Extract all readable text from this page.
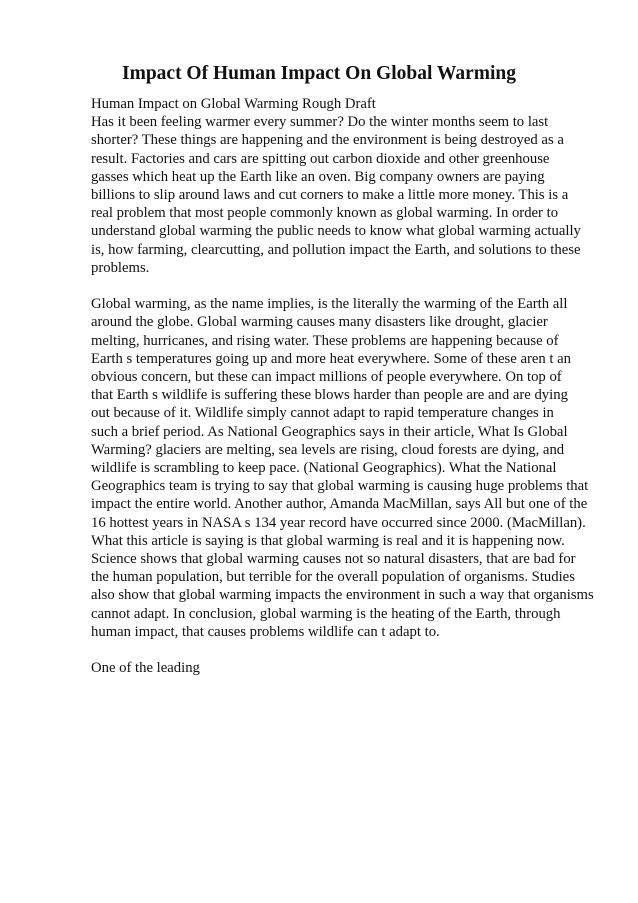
Impact Of Human Impact On Global Warming
Human Impact on Global Warming Rough Draft
Has it been feeling warmer every summer? Do the winter months seem to last
shorter? These things are happening and the environment is being destroyed as a
result. Factories and cars are spitting out carbon dioxide and other greenhouse
gasses which heat up the Earth like an oven. Big company owners are paying
billions to slip around laws and cut corners to make a little more money. This is a
real problem that most people commonly known as global warming. In order to
understand global warming the public needs to know what global warming actually
is, how farming, clearcutting, and pollution impact the Earth, and solutions to these
problems.
Global warming, as the name implies, is the literally the warming of the Earth all
around the globe. Global warming causes many disasters like drought, glacier
melting, hurricanes, and rising water. These problems are happening because of
Earth s temperatures going up and more heat everywhere. Some of these aren t an
obvious concern, but these can impact millions of people everywhere. On top of
that Earth s wildlife is suffering these blows harder than people are and are dying
out because of it. Wildlife simply cannot adapt to rapid temperature changes in
such a brief period. As National Geographics says in their article, What Is Global
Warming? glaciers are melting, sea levels are rising, cloud forests are dying, and
wildlife is scrambling to keep pace. (National Geographics). What the National
Geographics team is trying to say that global warming is causing huge problems that
impact the entire world. Another author, Amanda MacMillan, says All but one of the
16 hottest years in NASA s 134 year record have occurred since 2000. (MacMillan).
What this article is saying is that global warming is real and it is happening now.
Science shows that global warming causes not so natural disasters, that are bad for
the human population, but terrible for the overall population of organisms. Studies
also show that global warming impacts the environment in such a way that organisms
cannot adapt. In conclusion, global warming is the heating of the Earth, through
human impact, that causes problems wildlife can t adapt to.
One of the leading
